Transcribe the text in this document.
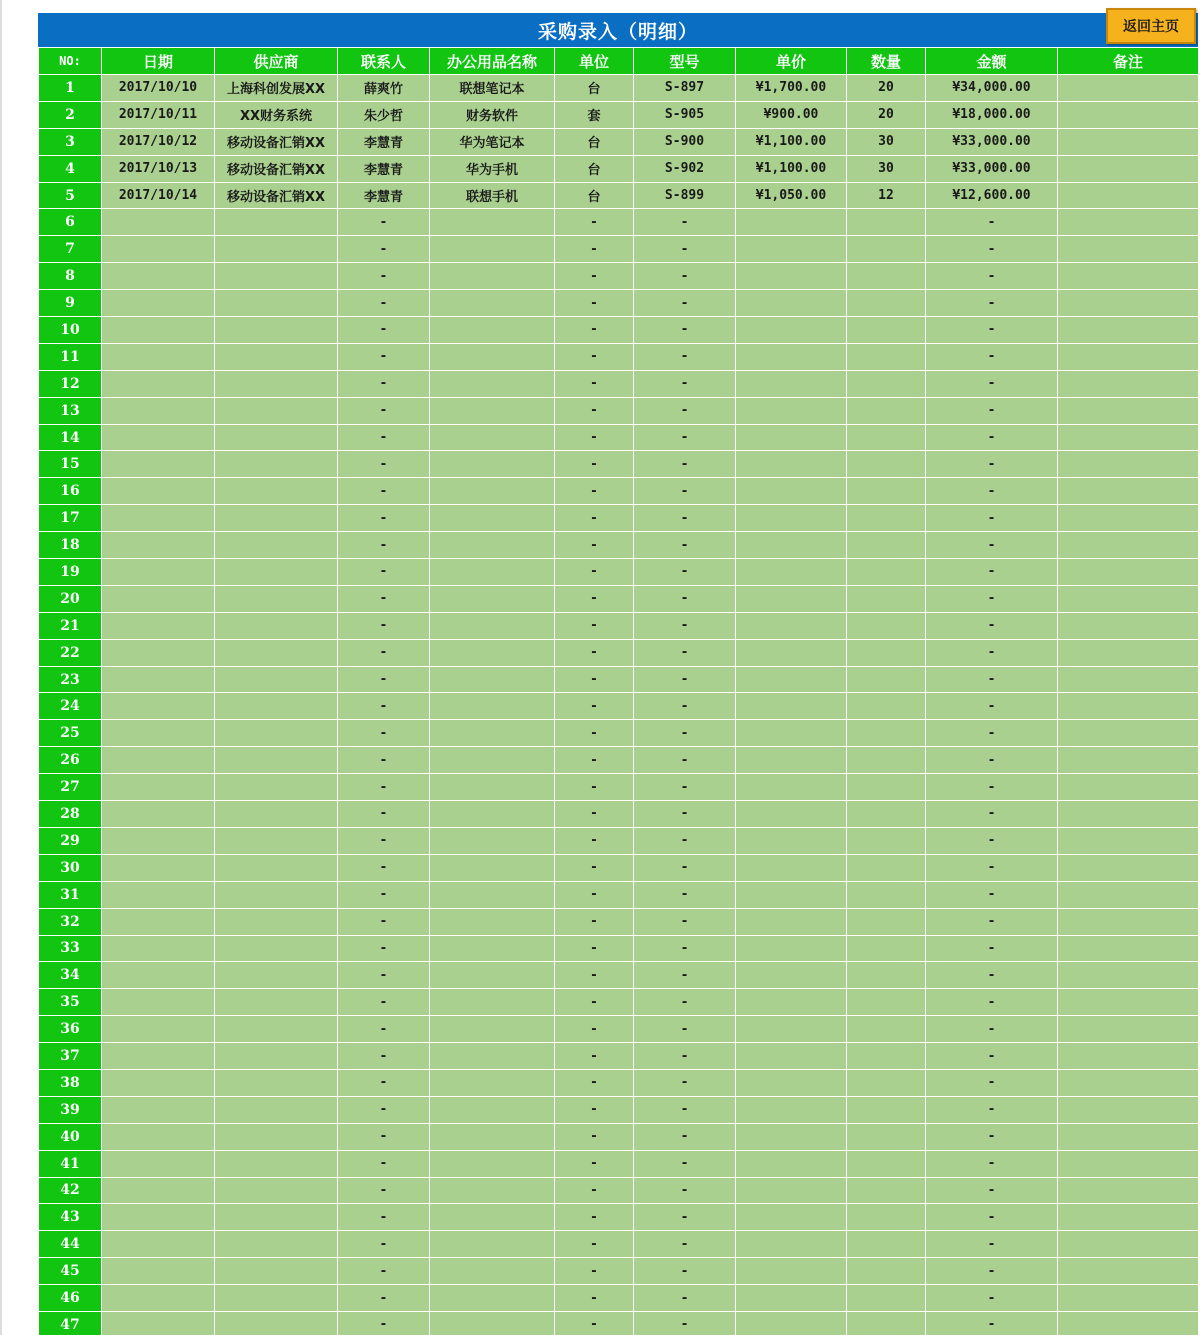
采购录入（明细）	返回主页
NO:	日期	供应商	联系人	办公用品名称	单位	型号	单价	数量	金额	备注
1	2017/10/10	上海科创发展XX	薛爽竹	联想笔记本	台	S-897	¥1,700.00	20	¥34,000.00	
2	2017/10/11	XX财务系统	朱少哲	财务软件	套	S-905	¥900.00	20	¥18,000.00	
3	2017/10/12	移动设备汇销XX	李慧青	华为笔记本	台	S-900	¥1,100.00	30	¥33,000.00	
4	2017/10/13	移动设备汇销XX	李慧青	华为手机	台	S-902	¥1,100.00	30	¥33,000.00	
5	2017/10/14	移动设备汇销XX	李慧青	联想手机	台	S-899	¥1,050.00	12	¥12,600.00	
6			-		-	-			-	
7			-		-	-			-	
8			-		-	-			-	
9			-		-	-			-	
10			-		-	-			-	
11			-		-	-			-	
12			-		-	-			-	
13			-		-	-			-	
14			-		-	-			-	
15			-		-	-			-	
16			-		-	-			-	
17			-		-	-			-	
18			-		-	-			-	
19			-		-	-			-	
20			-		-	-			-	
21			-		-	-			-	
22			-		-	-			-	
23			-		-	-			-	
24			-		-	-			-	
25			-		-	-			-	
26			-		-	-			-	
27			-		-	-			-	
28			-		-	-			-	
29			-		-	-			-	
30			-		-	-			-	
31			-		-	-			-	
32			-		-	-			-	
33			-		-	-			-	
34			-		-	-			-	
35			-		-	-			-	
36			-		-	-			-	
37			-		-	-			-	
38			-		-	-			-	
39			-		-	-			-	
40			-		-	-			-	
41			-		-	-			-	
42			-		-	-			-	
43			-		-	-			-	
44			-		-	-			-	
45			-		-	-			-	
46			-		-	-			-	
47			-		-	-			-	
